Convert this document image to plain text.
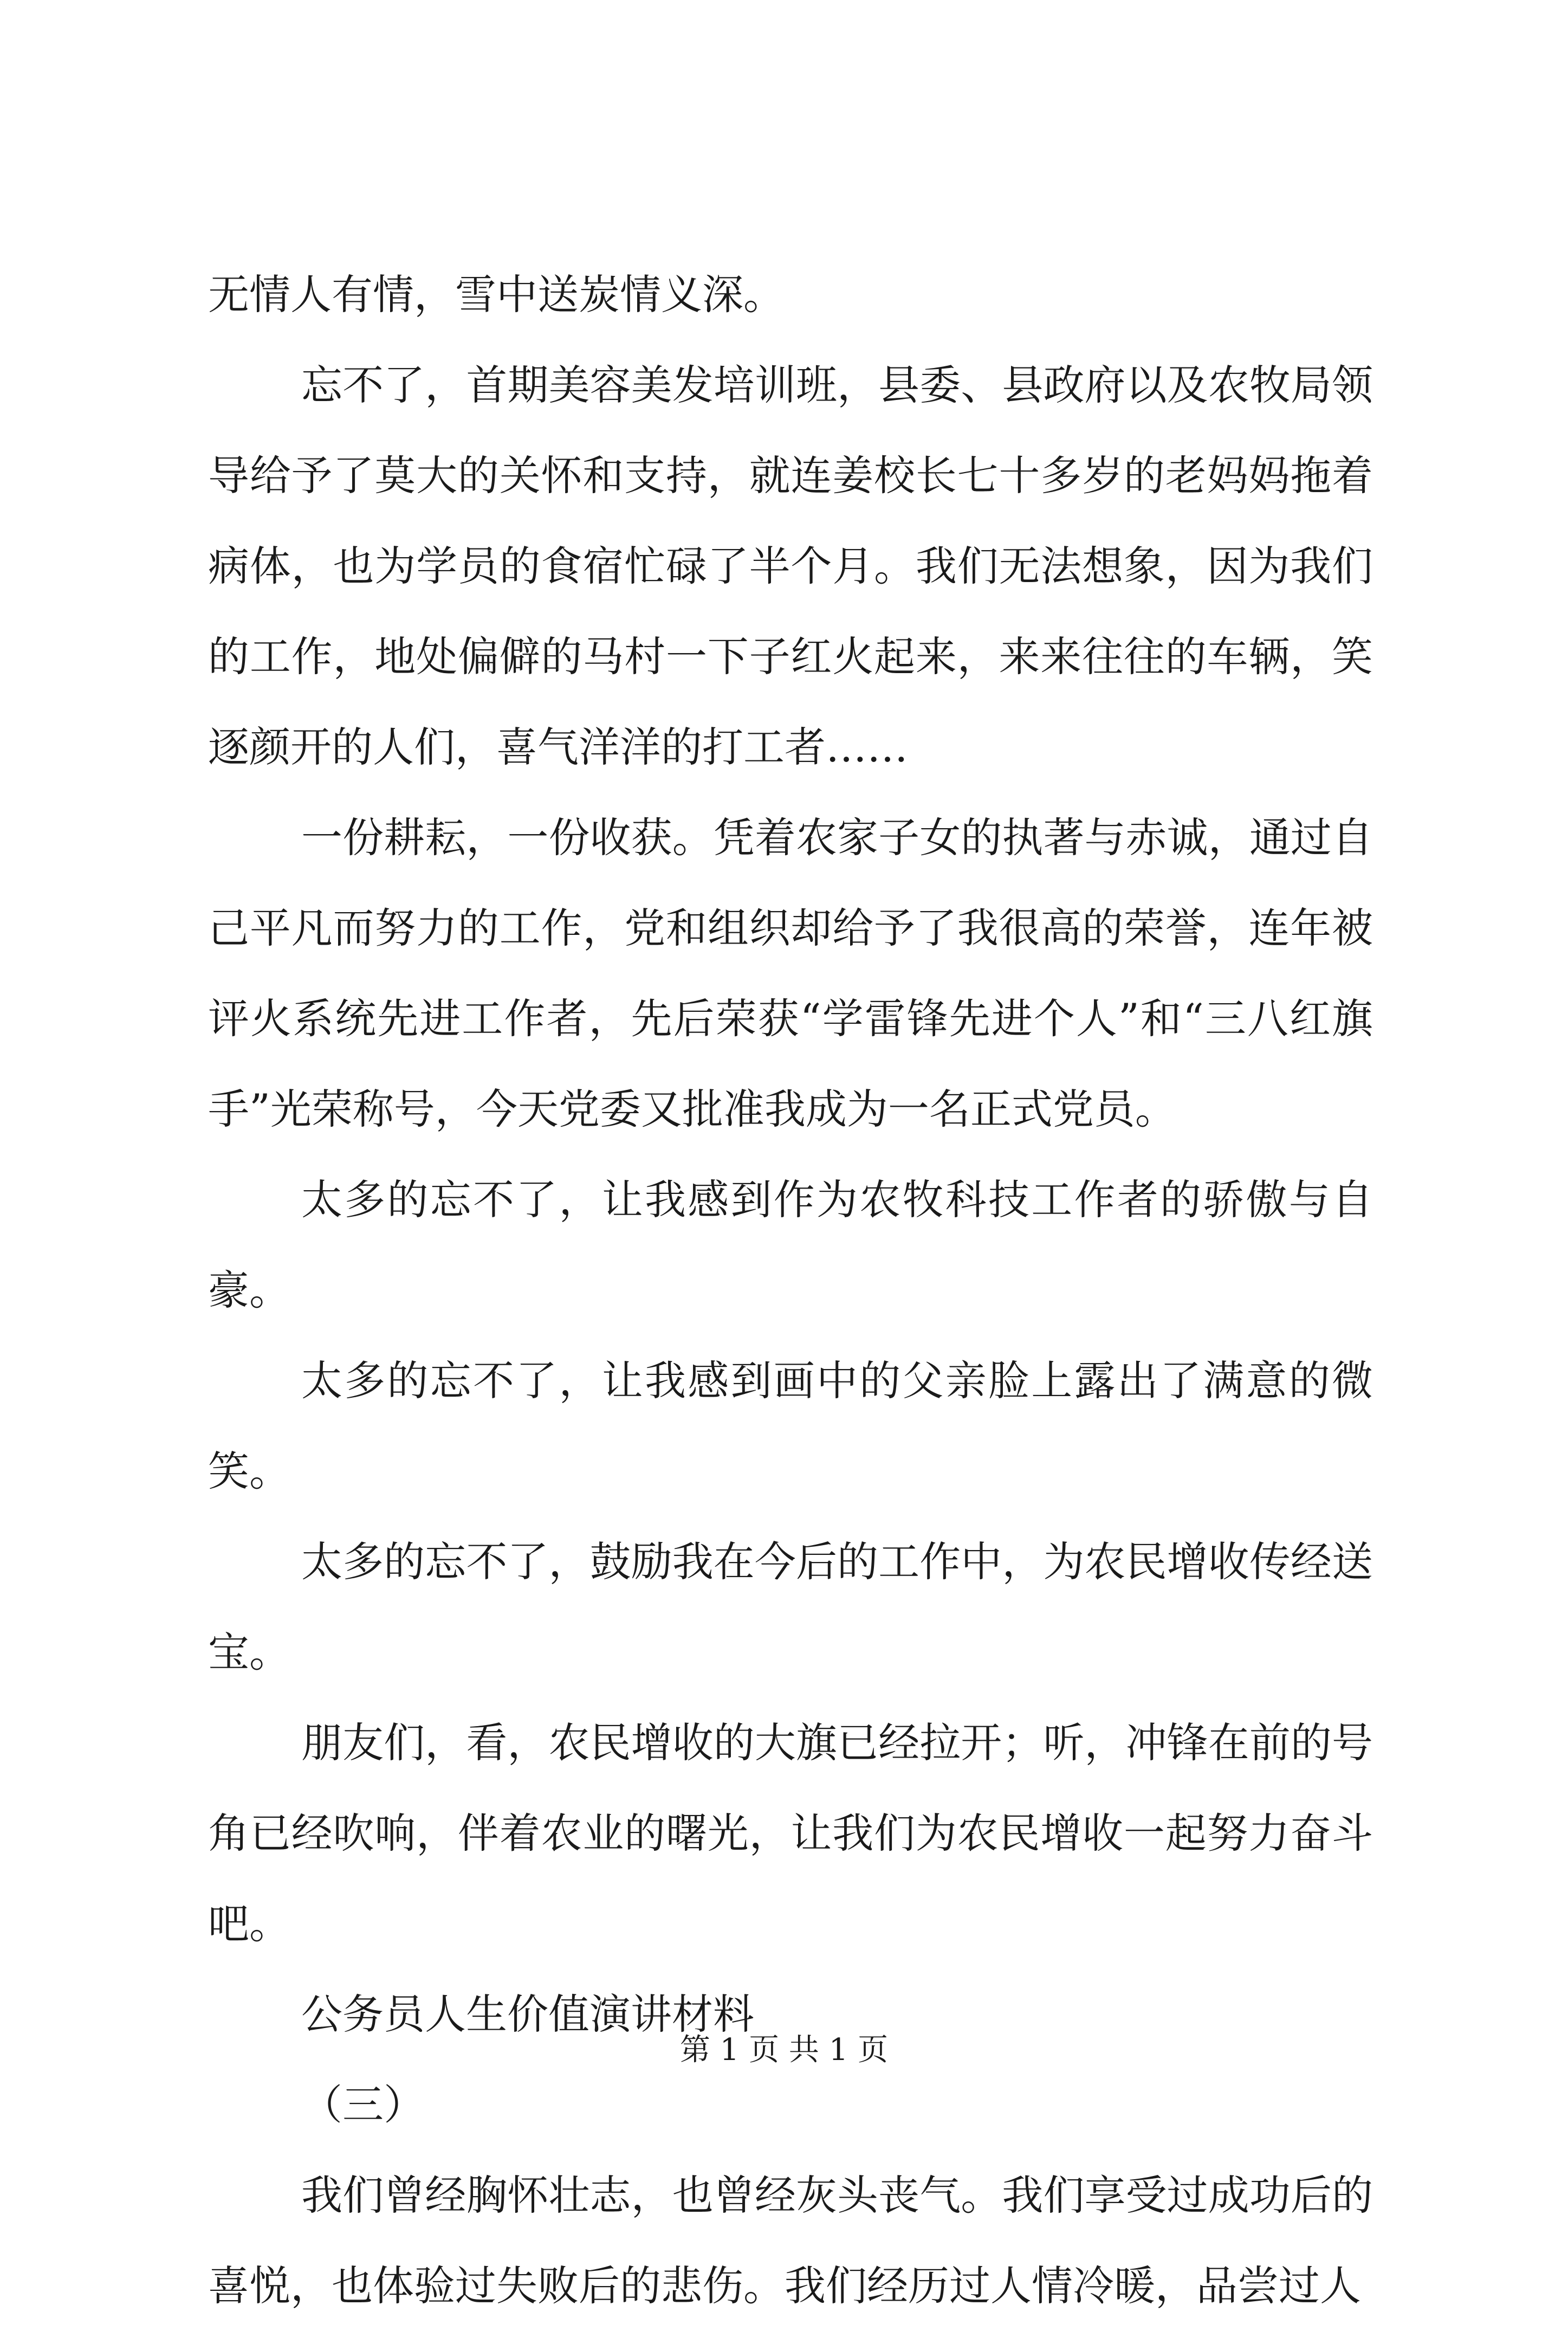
无情人有情，雪中送炭情义深。

忘不了，首期美容美发培训班，县委、县政府以及农牧局领导给予了莫大的关怀和支持，就连姜校长七十多岁的老妈妈拖着病体，也为学员的食宿忙碌了半个月。我们无法想象，因为我们的工作，地处偏僻的马村一下子红火起来，来来往往的车辆，笑逐颜开的人们，喜气洋洋的打工者……

一份耕耘，一份收获。凭着农家子女的执著与赤诚，通过自己平凡而努力的工作，党和组织却给予了我很高的荣誉，连年被评火系统先进工作者，先后荣获“学雷锋先进个人”和“三八红旗手”光荣称号，今天党委又批准我成为一名正式党员。

太多的忘不了，让我感到作为农牧科技工作者的骄傲与自豪。

太多的忘不了，让我感到画中的父亲脸上露出了满意的微笑。

太多的忘不了，鼓励我在今后的工作中，为农民增收传经送宝。

朋友们，看，农民增收的大旗已经拉开；听，冲锋在前的号角已经吹响，伴着农业的曙光，让我们为农民增收一起努力奋斗吧。

公务员人生价值演讲材料

（三）

我们曾经胸怀壮志，也曾经灰头丧气。我们享受过成功后的喜悦，也体验过失败后的悲伤。我们经历过人情冷暖，品尝过人

第 1 页 共 1 页
